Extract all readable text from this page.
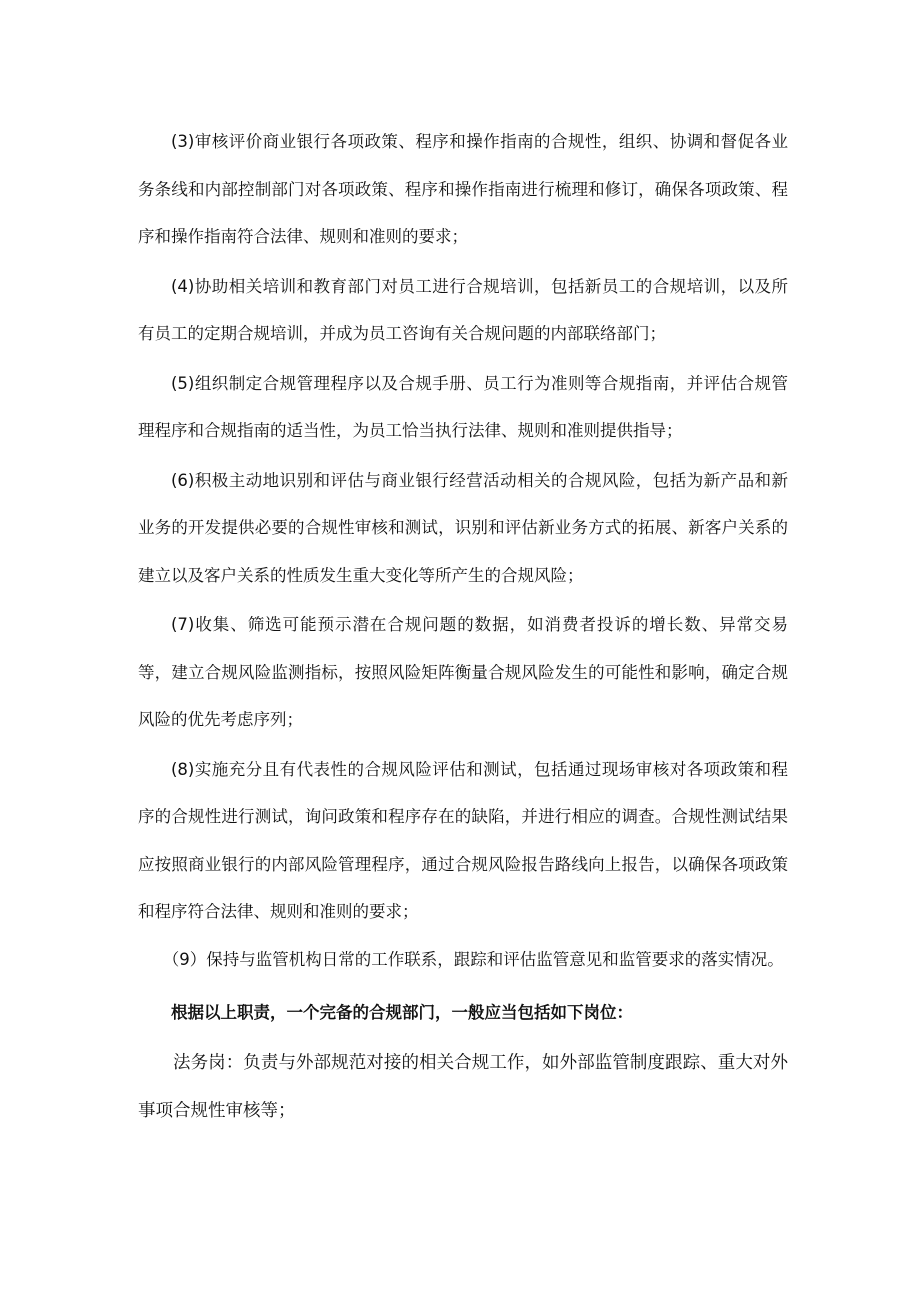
(3)审核评价商业银行各项政策、程序和操作指南的合规性，组织、协调和督促各业务条线和内部控制部门对各项政策、程序和操作指南进行梳理和修订，确保各项政策、程序和操作指南符合法律、规则和准则的要求；

(4)协助相关培训和教育部门对员工进行合规培训，包括新员工的合规培训，以及所有员工的定期合规培训，并成为员工咨询有关合规问题的内部联络部门；

(5)组织制定合规管理程序以及合规手册、员工行为准则等合规指南，并评估合规管理程序和合规指南的适当性，为员工恰当执行法律、规则和准则提供指导；

(6)积极主动地识别和评估与商业银行经营活动相关的合规风险，包括为新产品和新业务的开发提供必要的合规性审核和测试，识别和评估新业务方式的拓展、新客户关系的建立以及客户关系的性质发生重大变化等所产生的合规风险；

(7)收集、筛选可能预示潜在合规问题的数据，如消费者投诉的增长数、异常交易等，建立合规风险监测指标，按照风险矩阵衡量合规风险发生的可能性和影响，确定合规风险的优先考虑序列；

(8)实施充分且有代表性的合规风险评估和测试，包括通过现场审核对各项政策和程序的合规性进行测试，询问政策和程序存在的缺陷，并进行相应的调查。合规性测试结果应按照商业银行的内部风险管理程序，通过合规风险报告路线向上报告，以确保各项政策和程序符合法律、规则和准则的要求；

（9）保持与监管机构日常的工作联系，跟踪和评估监管意见和监管要求的落实情况。

根据以上职责，一个完备的合规部门，一般应当包括如下岗位：

法务岗：负责与外部规范对接的相关合规工作，如外部监管制度跟踪、重大对外事项合规性审核等；
